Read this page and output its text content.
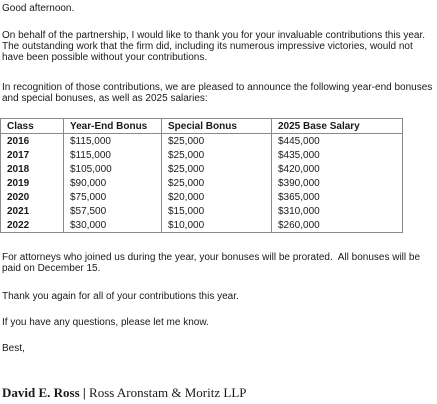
Good afternoon.

On behalf of the partnership, I would like to thank you for your invaluable contributions this year.  The outstanding work that the firm did, including its numerous impressive victories, would not have been possible without your contributions.

In recognition of those contributions, we are pleased to announce the following year-end bonuses and special bonuses, as well as 2025 salaries:

Class	Year-End Bonus	Special Bonus	2025 Base Salary
2016	$115,000	$25,000	$445,000
2017	$115,000	$25,000	$435,000
2018	$105,000	$25,000	$420,000
2019	$90,000	$25,000	$390,000
2020	$75,000	$20,000	$365,000
2021	$57,500	$15,000	$310,000
2022	$30,000	$10,000	$260,000

For attorneys who joined us during the year, your bonuses will be prorated.  All bonuses will be paid on December 15.

Thank you again for all of your contributions this year.

If you have any questions, please let me know.

Best,

David E. Ross | Ross Aronstam & Moritz LLP
